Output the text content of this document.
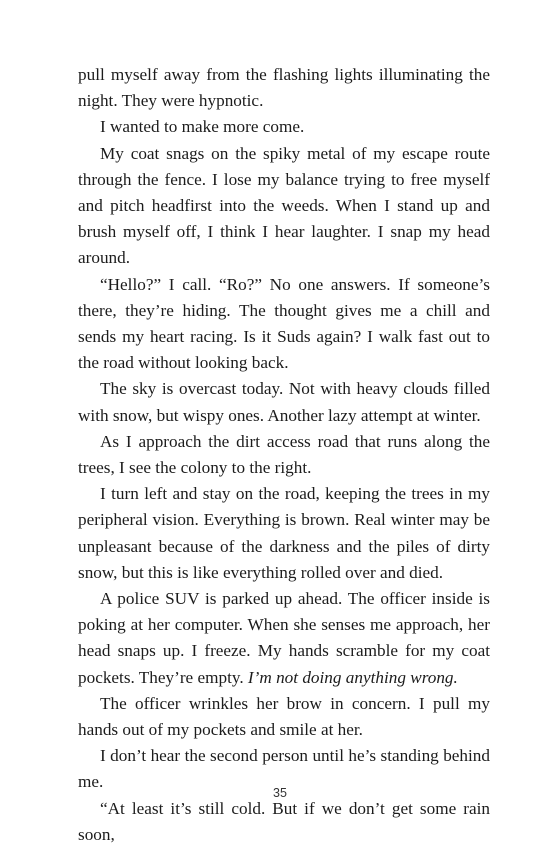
pull myself away from the flashing lights illuminating the night. They were hypnotic.

I wanted to make more come.

My coat snags on the spiky metal of my escape route through the fence. I lose my balance trying to free myself and pitch headfirst into the weeds. When I stand up and brush myself off, I think I hear laughter. I snap my head around.

“Hello?” I call. “Ro?” No one answers. If someone’s there, they’re hiding. The thought gives me a chill and sends my heart racing. Is it Suds again? I walk fast out to the road without looking back.

The sky is overcast today. Not with heavy clouds filled with snow, but wispy ones. Another lazy attempt at winter.

As I approach the dirt access road that runs along the trees, I see the colony to the right.

I turn left and stay on the road, keeping the trees in my peripheral vision. Everything is brown. Real winter may be unpleasant because of the darkness and the piles of dirty snow, but this is like everything rolled over and died.

A police SUV is parked up ahead. The officer inside is poking at her computer. When she senses me approach, her head snaps up. I freeze. My hands scramble for my coat pockets. They’re empty. I’m not doing anything wrong.

The officer wrinkles her brow in concern. I pull my hands out of my pockets and smile at her.

I don’t hear the second person until he’s standing behind me.

“At least it’s still cold. But if we don’t get some rain soon,

35
